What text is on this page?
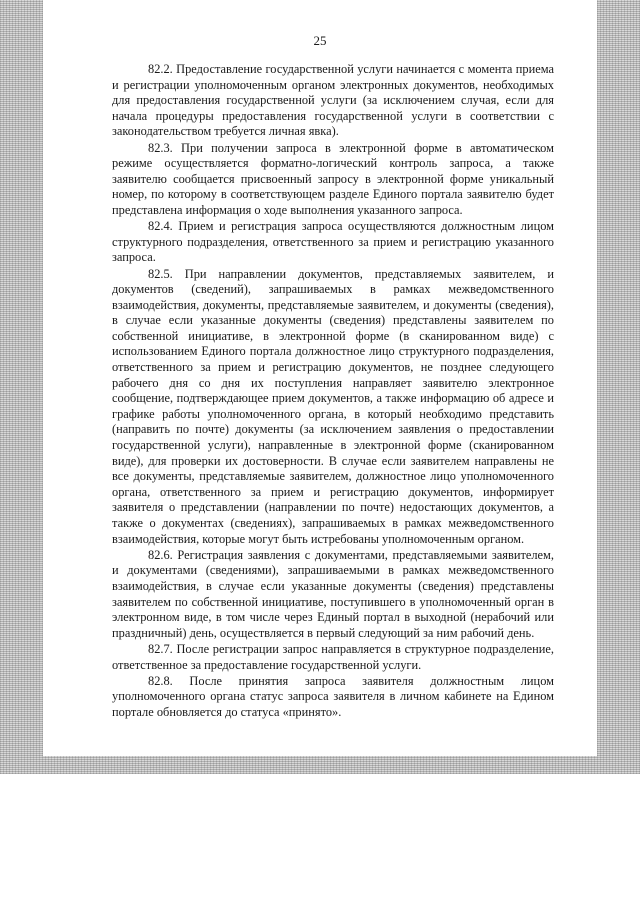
25

82.2. Предоставление государственной услуги начинается с момента приема и регистрации уполномоченным органом электронных документов, необходимых для предоставления государственной услуги (за исключением случая, если для начала процедуры предоставления государственной услуги в соответствии с законодательством требуется личная явка).

82.3. При получении запроса в электронной форме в автоматическом режиме осуществляется форматно-логический контроль запроса, а также заявителю сообщается присвоенный запросу в электронной форме уникальный номер, по которому в соответствующем разделе Единого портала заявителю будет представлена информация о ходе выполнения указанного запроса.

82.4. Прием и регистрация запроса осуществляются должностным лицом структурного подразделения, ответственного за прием и регистрацию указанного запроса.

82.5. При направлении документов, представляемых заявителем, и документов (сведений), запрашиваемых в рамках межведомственного взаимодействия, документы, представляемые заявителем, и документы (сведения), в случае если указанные документы (сведения) представлены заявителем по собственной инициативе, в электронной форме (в сканированном виде) с использованием Единого портала должностное лицо структурного подразделения, ответственного за прием и регистрацию документов, не позднее следующего рабочего дня со дня их поступления направляет заявителю электронное сообщение, подтверждающее прием документов, а также информацию об адресе и графике работы уполномоченного органа, в который необходимо представить (направить по почте) документы (за исключением заявления о предоставлении государственной услуги), направленные в электронной форме (сканированном виде), для проверки их достоверности. В случае если заявителем направлены не все документы, представляемые заявителем, должностное лицо уполномоченного органа, ответственного за прием и регистрацию документов, информирует заявителя о представлении (направлении по почте) недостающих документов, а также о документах (сведениях), запрашиваемых в рамках межведомственного взаимодействия, которые могут быть истребованы уполномоченным органом.

82.6. Регистрация заявления с документами, представляемыми заявителем, и документами (сведениями), запрашиваемыми в рамках межведомственного взаимодействия, в случае если указанные документы (сведения) представлены заявителем по собственной инициативе, поступившего в уполномоченный орган в электронном виде, в том числе через Единый портал в выходной (нерабочий или праздничный) день, осуществляется в первый следующий за ним рабочий день.

82.7. После регистрации запрос направляется в структурное подразделение, ответственное за предоставление государственной услуги.

82.8. После принятия запроса заявителя должностным лицом уполномоченного органа статус запроса заявителя в личном кабинете на Едином портале обновляется до статуса «принято».
